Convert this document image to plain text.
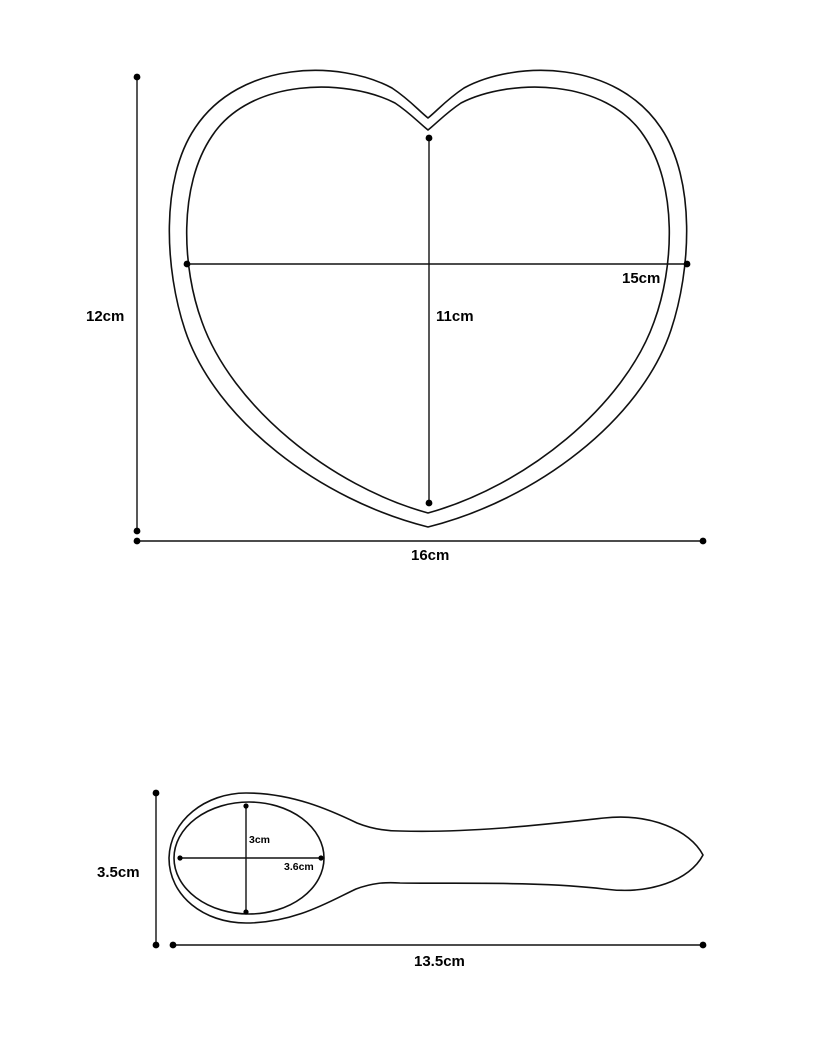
12cm	11cm
15cm
16cm
3cm
3.6cm
3.5cm
13.5cm
